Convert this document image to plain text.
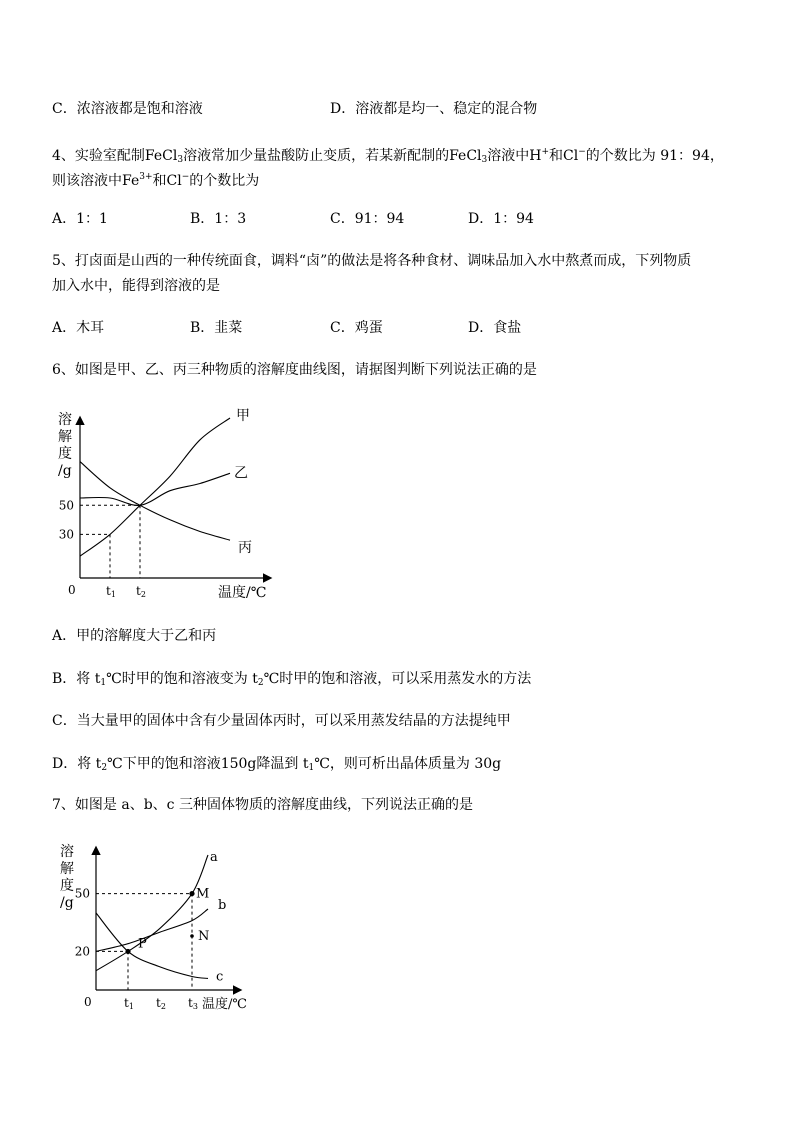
C．浓溶液都是饱和溶液	D．溶液都是均一、稳定的混合物
4、实验室配制FeCl$_3$溶液常加少量盐酸防止变质，若某新配制的FeCl$_3$溶液中H+和Cl−的个数比为 91：94，
则该溶液中$Fe^{3+}$和Cl−的个数比为
A．1：1	B．1：3	C．91：94	D．1：94
5、打卤面是山西的一种传统面食，调料“卤”的做法是将各种食材、调味品加入水中熬煮而成，下列物质
加入水中，能得到溶液的是
A．木耳	B．韭菜	C．鸡蛋	D．食盐
6、如图是甲、乙、丙三种物质的溶解度曲线图，请据图判断下列说法正确的是
溶
解
度
/g
50
30
t1 t2
甲
乙
丙
0	温度/℃
A．甲的溶解度大于乙和丙
B．将 $t_1℃$时甲的饱和溶液变为 $t_2℃$时甲的饱和溶液，可以采用蒸发水的方法
C．当大量甲的固体中含有少量固体丙时，可以采用蒸发结晶的方法提纯甲
D．将 $t_2℃$下甲的饱和溶液150g降温到 $t_1℃$，则可析出晶体质量为 30g
7、如图是 a、b、c 三种固体物质的溶解度曲线，下列说法正确的是
溶
解
度
/g
50
20
t1 t2 t3
a
b
c
P
M
N
0	温度/℃
